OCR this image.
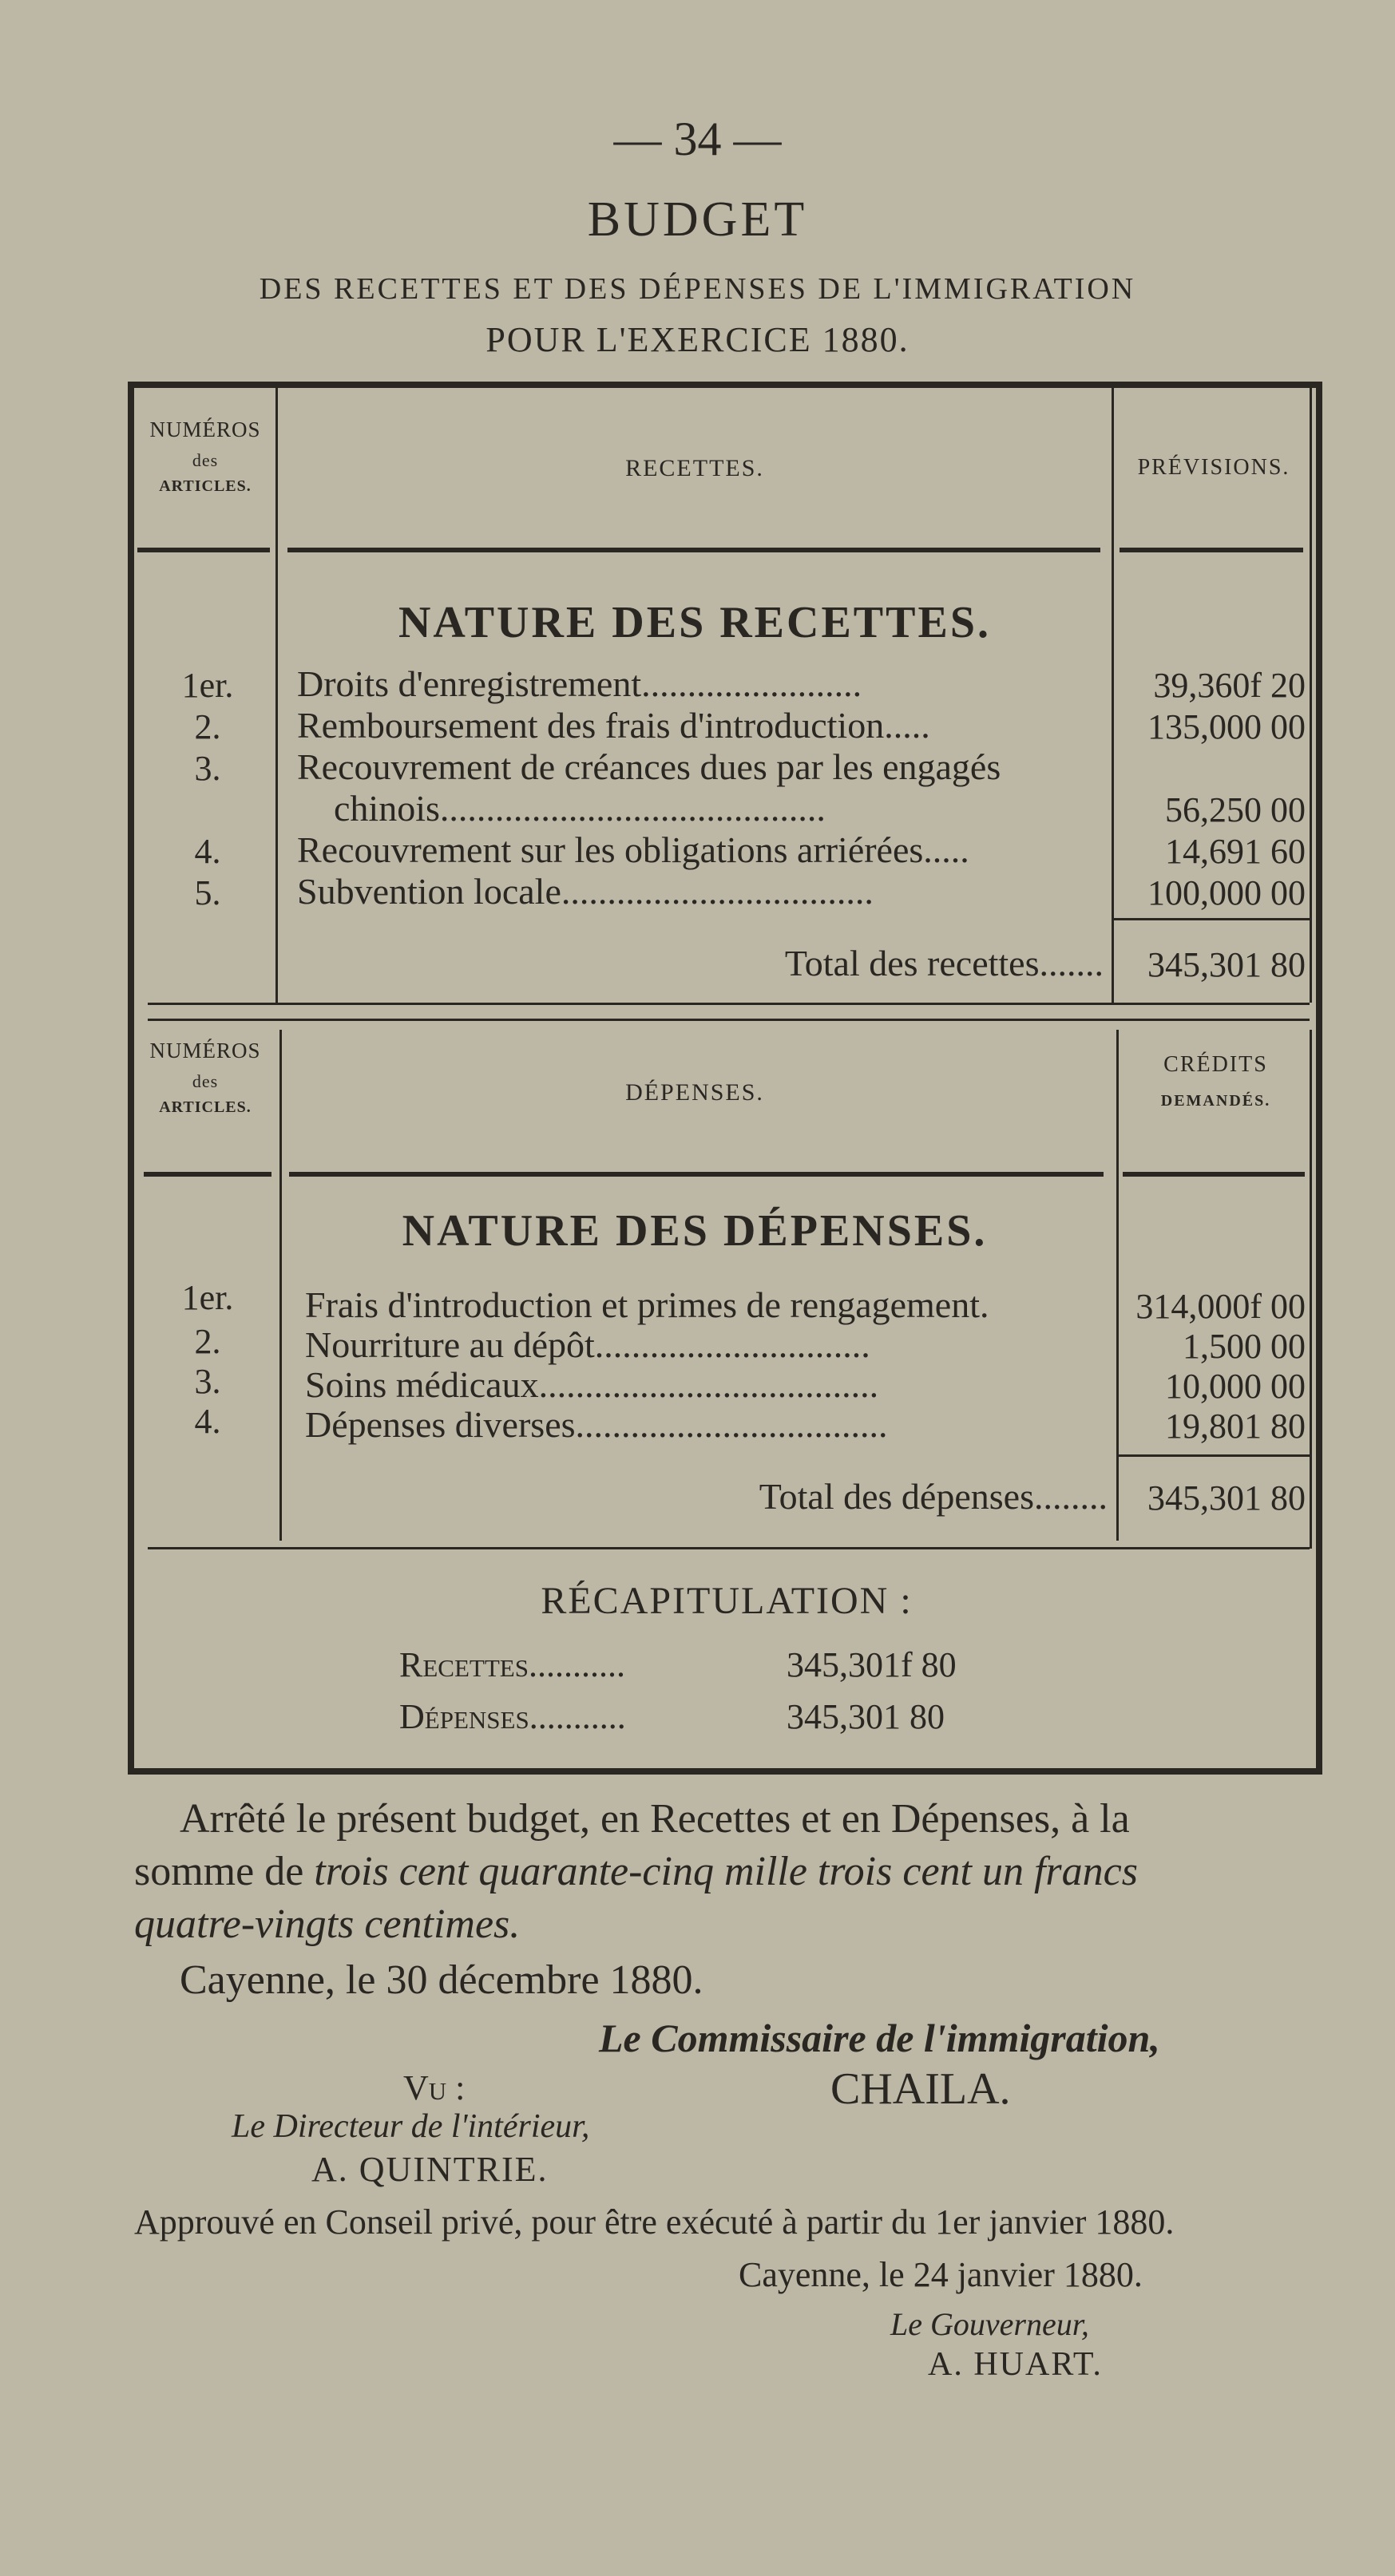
— 34 —
BUDGET
DES RECETTES ET DES DÉPENSES DE L'IMMIGRATION
POUR L'EXERCICE 1880.
NUMÉROS
des
ARTICLES.
RECETTES.	PRÉVISIONS.
NATURE DES RECETTES.
1er.	Droits d'enregistrement........................	39,360f 20
2.	Remboursement des frais d'introduction.....	135,000 00
3.	Recouvrement de créances dues par les engagés
chinois..........................................	56,250 00
4.	Recouvrement sur les obligations arriérées.....	14,691 60
5.	Subvention locale..................................	100,000 00
Total des recettes.......	345,301 80
NUMÉROS
des
ARTICLES.
DÉPENSES.
CRÉDITS
DEMANDÉS.
NATURE DES DÉPENSES.
1er.	Frais d'introduction et primes de rengagement.	314,000f 00
2.	Nourriture au dépôt..............................	1,500 00
3.	Soins médicaux.....................................	10,000 00
4.	Dépenses diverses..................................	19,801 80
Total des dépenses........	345,301 80
RÉCAPITULATION :
Recettes...........	345,301f 80
Dépenses...........	345,301 80
Arrêté le présent budget, en Recettes et en Dépenses, à la
somme de trois cent quarante-cinq mille trois cent un francs
quatre-vingts centimes.
Cayenne, le 30 décembre 1880.
Le Commissaire de l'immigration,
Vu :	CHAILA.
Le Directeur de l'intérieur,
A. QUINTRIE.
Approuvé en Conseil privé, pour être exécuté à partir du 1er janvier 1880.
Cayenne, le 24 janvier 1880.
Le Gouverneur,
A. HUART.
